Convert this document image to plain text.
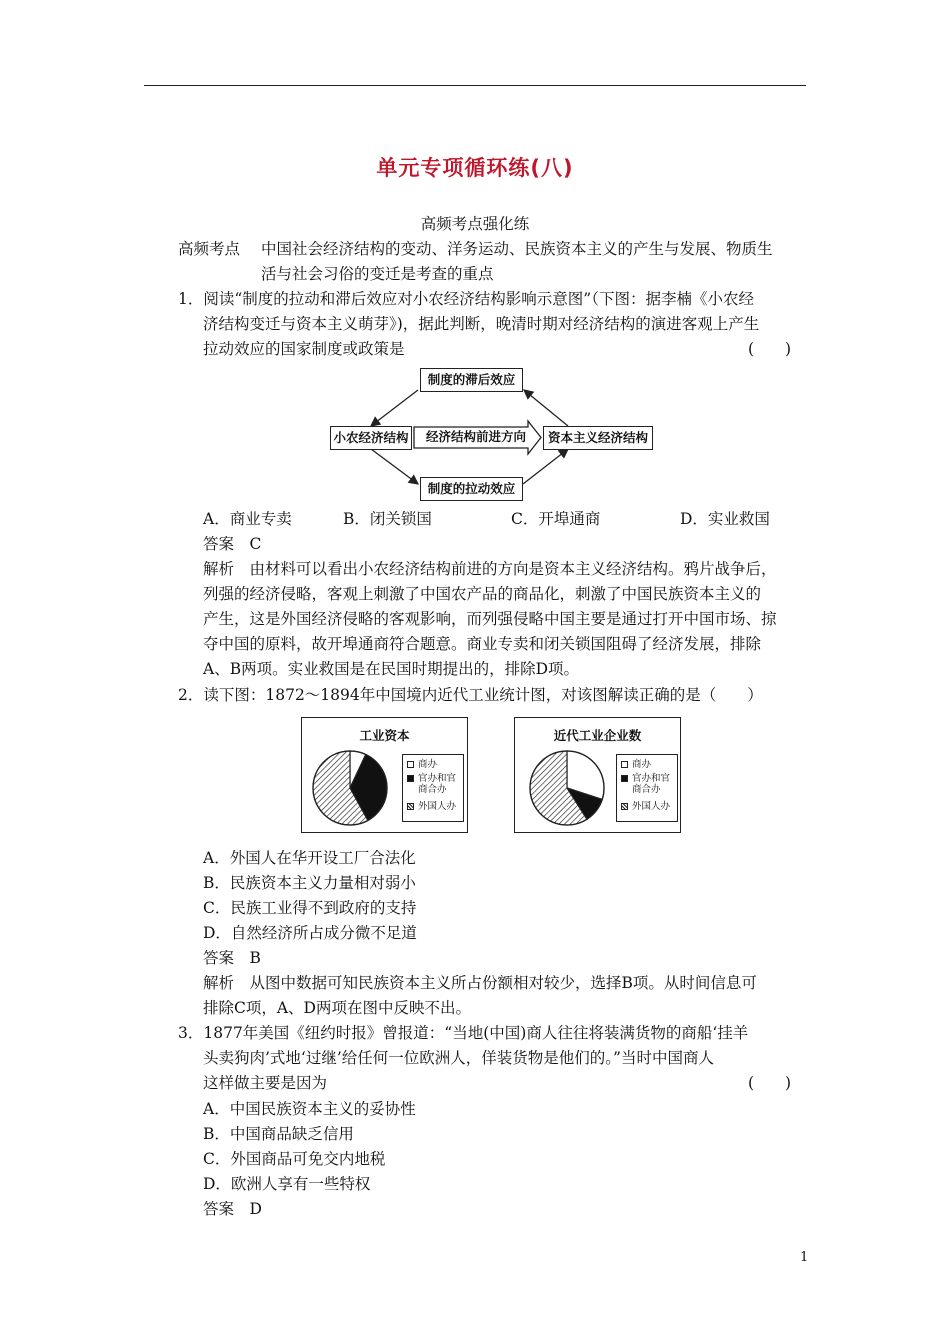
单元专项循环练(八)
高频考点强化练
高频考点 中国社会经济结构的变动、洋务运动、民族资本主义的产生与发展、物质生
活与社会习俗的变迁是考查的重点
1．阅读“制度的拉动和滞后效应对小农经济结构影响示意图”（下图：据李楠《小农经
济结构变迁与资本主义萌芽》)，据此判断，晚清时期对经济结构的演进客观上产生
拉动效应的国家制度或政策是	(　　)
制度的滞后效应
小农经济结构	经济结构前进方向	资本主义经济结构
制度的拉动效应
A．商业专卖	B．闭关锁国	C．开埠通商	D．实业救国
答案　C
解析　由材料可以看出小农经济结构前进的方向是资本主义经济结构。鸦片战争后，
列强的经济侵略，客观上刺激了中国农产品的商品化，刺激了中国民族资本主义的
产生，这是外国经济侵略的客观影响，而列强侵略中国主要是通过打开中国市场、掠
夺中国的原料，故开埠通商符合题意。商业专卖和闭关锁国阻碍了经济发展，排除
A、B两项。实业救国是在民国时期提出的，排除D项。
2．读下图：1872～1894年中国境内近代工业统计图，对该图解读正确的是（　　）
工业资本
商办
官办和官商合办
外国人办
近代工业企业数
商办
官办和官商合办
外国人办
A．外国人在华开设工厂合法化
B．民族资本主义力量相对弱小
C．民族工业得不到政府的支持
D．自然经济所占成分微不足道
答案　B
解析　从图中数据可知民族资本主义所占份额相对较少，选择B项。从时间信息可
排除C项，A、D两项在图中反映不出。
3．1877年美国《纽约时报》曾报道：“当地(中国)商人往往将装满货物的商船‘挂羊
头卖狗肉’式地‘过继’给任何一位欧洲人，佯装货物是他们的。”当时中国商人
这样做主要是因为	(　　)
A．中国民族资本主义的妥协性
B．中国商品缺乏信用
C．外国商品可免交内地税
D．欧洲人享有一些特权
答案　D
1
